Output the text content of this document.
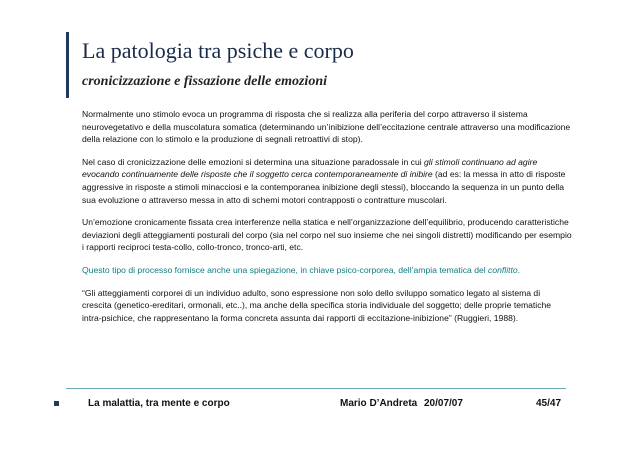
La patologia tra psiche e corpo
cronicizzazione e fissazione delle emozioni

Normalmente uno stimolo evoca un programma di risposta che si realizza alla periferia del corpo attraverso il sistema neurovegetativo e della muscolatura somatica (determinando un’inibizione dell’eccitazione centrale attraverso una modificazione della relazione con lo stimolo e la produzione di segnali retroattivi di stop).

Nel caso di cronicizzazione delle emozioni si determina una situazione paradossale in cui gli stimoli continuano ad agire evocando continuamente delle risposte che il soggetto cerca contemporaneamente di inibire (ad es: la messa in atto di risposte aggressive in risposte a stimoli minacciosi e la contemporanea inibizione degli stessi), bloccando la sequenza in un punto della sua evoluzione o attraverso messa in atto di schemi motori contrapposti o contratture muscolari.

Un’emozione cronicamente fissata crea interferenze nella statica e nell’organizzazione dell’equilibrio, producendo caratteristiche deviazioni degli atteggiamenti posturali del corpo (sia nel corpo nel suo insieme che nei singoli distretti) modificando per esempio i rapporti reciproci testa-collo, collo-tronco, tronco-arti, etc.

Questo tipo di processo fornisce anche una spiegazione, in chiave psico-corporea, dell’ampia tematica del conflitto.

“Gli atteggiamenti corporei di un individuo adulto, sono espressione non solo dello sviluppo somatico legato al sistema di crescita (genetico-ereditari, ormonali, etc..), ma anche della specifica storia individuale del soggetto; delle proprie tematiche intra-psichice, che rappresentano la forma concreta assunta dai rapporti di eccitazione-inibizione” (Ruggieri, 1988).

La malattia, tra mente e corpo	Mario D’Andreta 20/07/07	45/47
